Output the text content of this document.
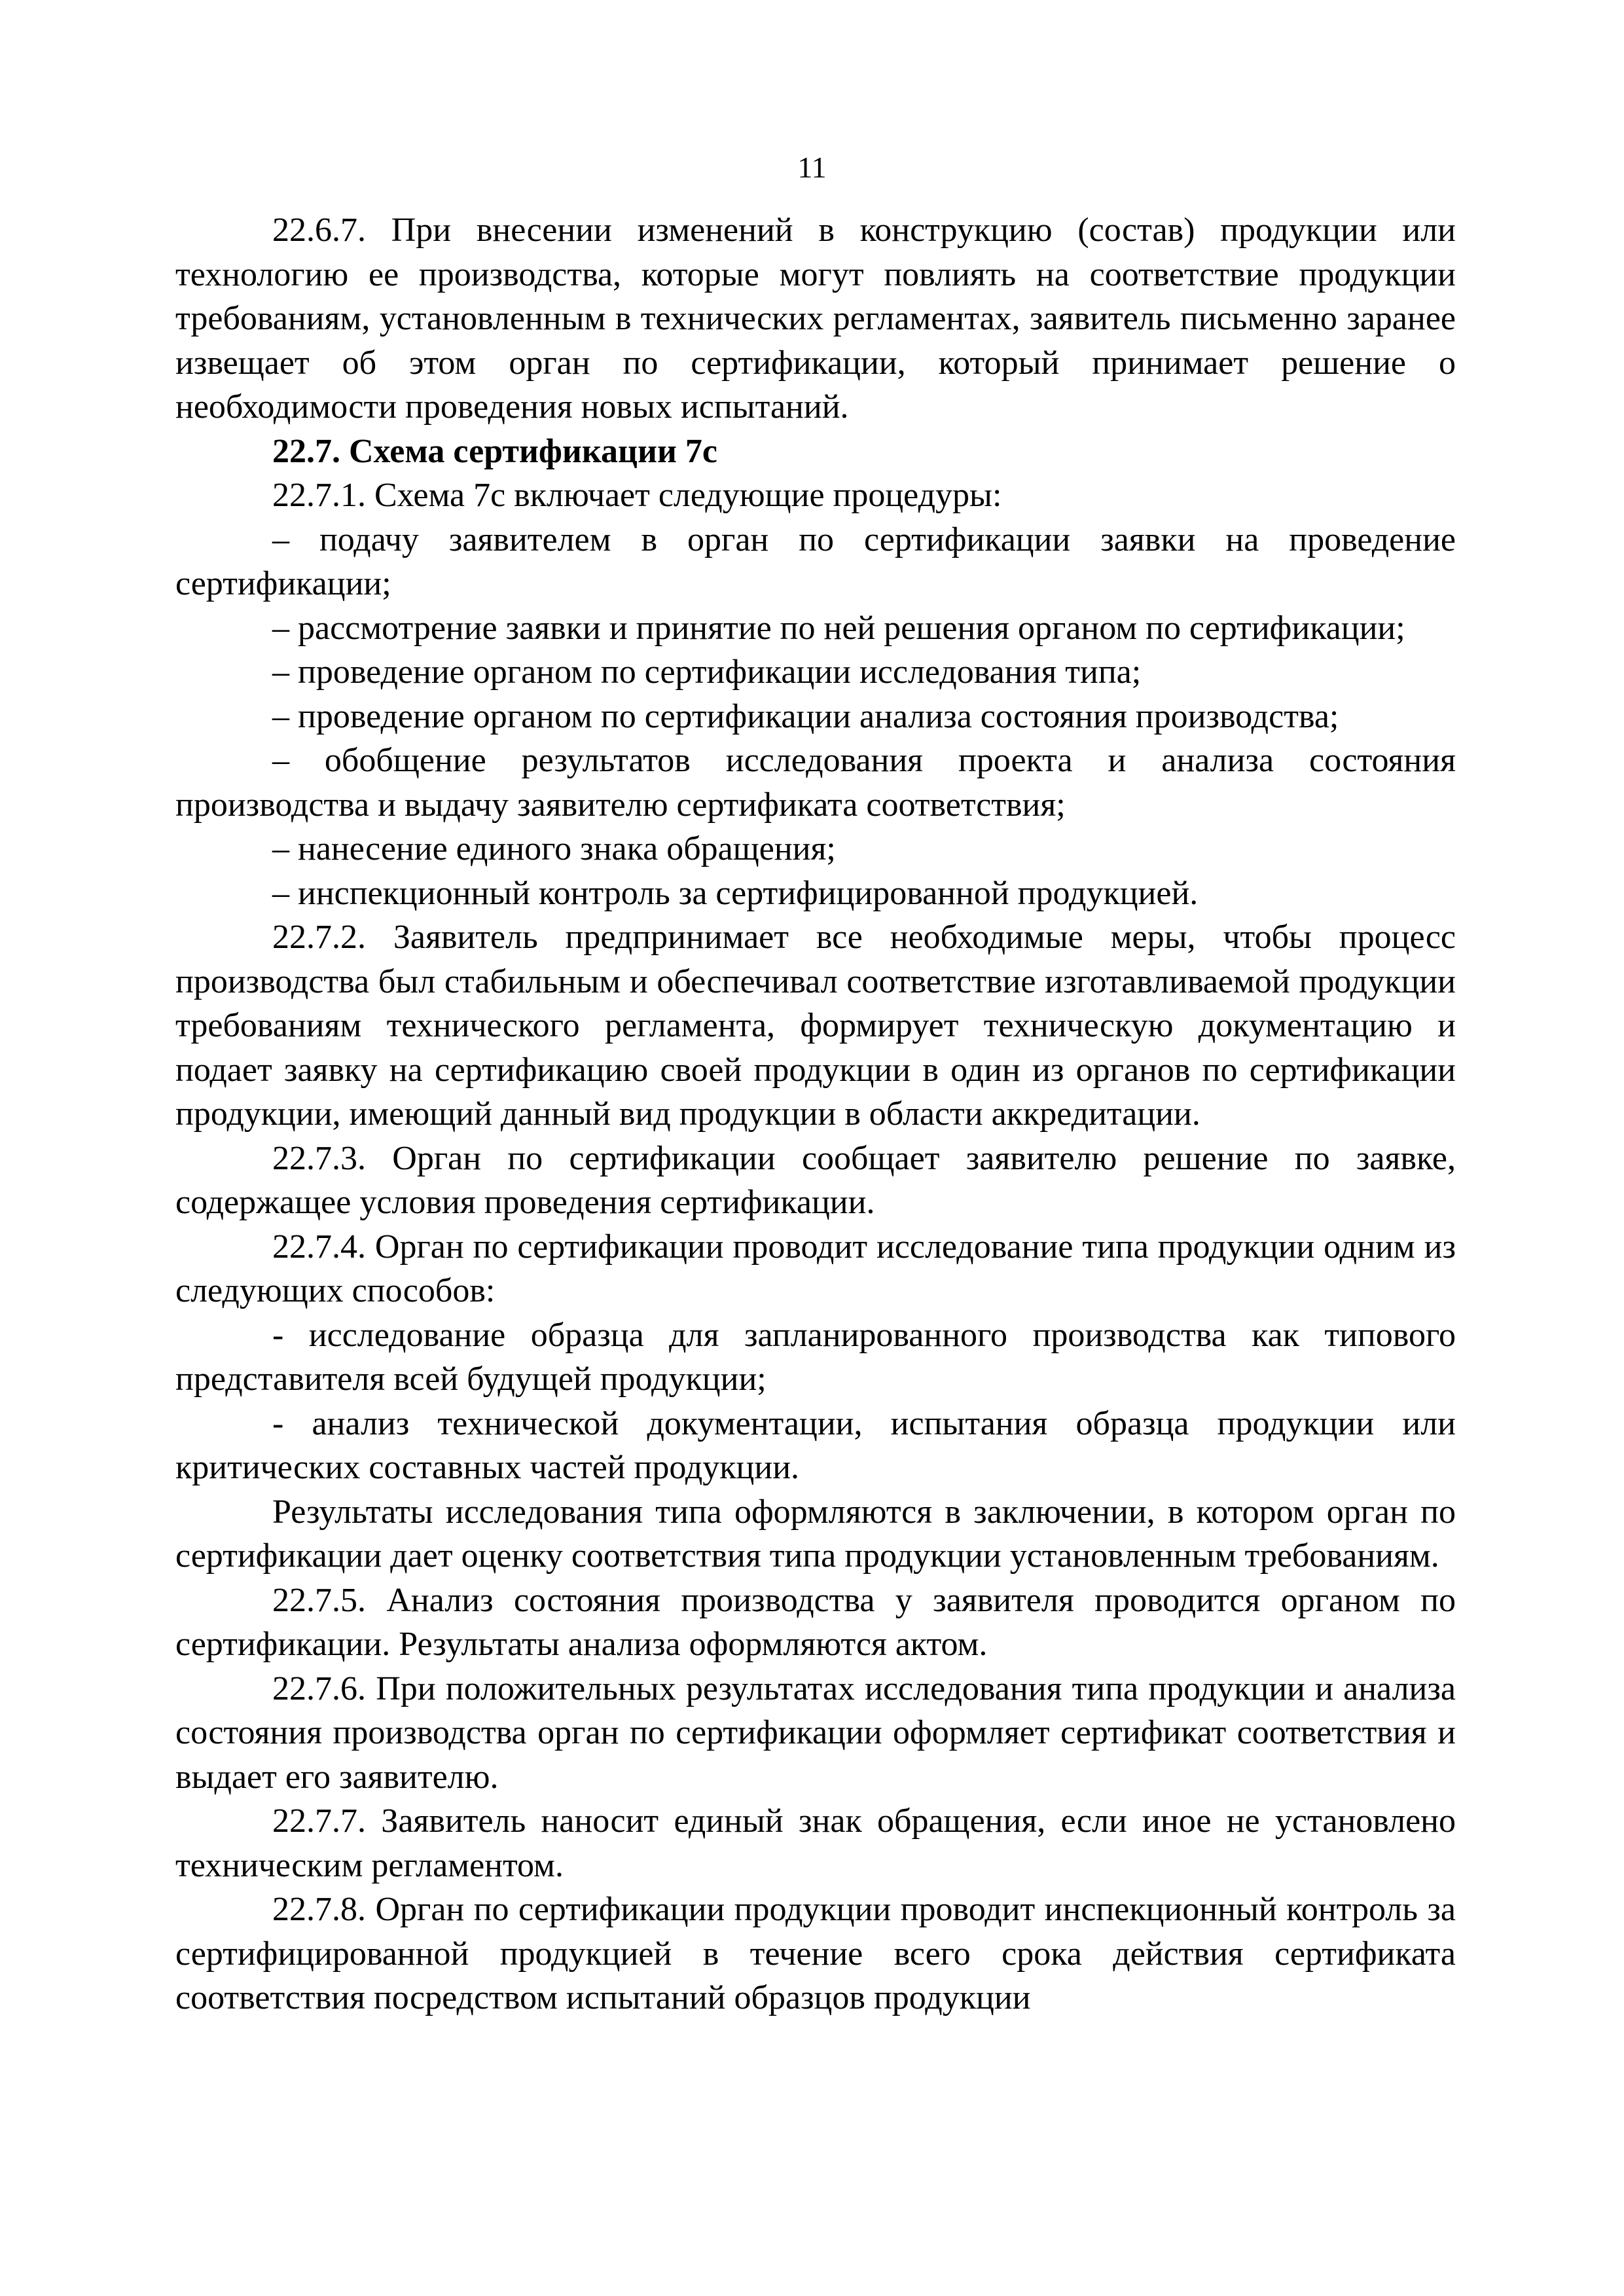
11

22.6.7. При внесении изменений в конструкцию (состав) продукции или технологию ее производства, которые могут повлиять на соответствие продукции требованиям, установленным в технических регламентах, заявитель письменно заранее извещает об этом орган по сертификации, который принимает решение о необходимости проведения новых испытаний.

22.7. Схема сертификации 7с

22.7.1. Схема 7с включает следующие процедуры:

– подачу заявителем в орган по сертификации заявки на проведение сертификации;

– рассмотрение заявки и принятие по ней решения органом по сертификации;

– проведение органом по сертификации исследования типа;

– проведение органом по сертификации анализа состояния производства;

– обобщение результатов исследования проекта и анализа состояния производства и выдачу заявителю сертификата соответствия;

– нанесение единого знака обращения;

– инспекционный контроль за сертифицированной продукцией.

22.7.2. Заявитель предпринимает все необходимые меры, чтобы процесс производства был стабильным и обеспечивал соответствие изготавливаемой продукции требованиям технического регламента, формирует техническую документацию и подает заявку на сертификацию своей продукции в один из органов по сертификации продукции, имеющий данный вид продукции в области аккредитации.

22.7.3. Орган по сертификации сообщает заявителю решение по заявке, содержащее условия проведения сертификации.

22.7.4. Орган по сертификации проводит исследование типа продукции одним из следующих способов:

- исследование образца для запланированного производства как типового представителя всей будущей продукции;

- анализ технической документации, испытания образца продукции или критических составных частей продукции.

Результаты исследования типа оформляются в заключении, в котором орган по сертификации дает оценку соответствия типа продукции установленным требованиям.

22.7.5. Анализ состояния производства у заявителя проводится органом по сертификации. Результаты анализа оформляются актом.

22.7.6. При положительных результатах исследования типа продукции и анализа состояния производства орган по сертификации оформляет сертификат соответствия и выдает его заявителю.

22.7.7. Заявитель наносит единый знак обращения, если иное не установлено техническим регламентом.

22.7.8. Орган по сертификации продукции проводит инспекционный контроль за сертифицированной продукцией в течение всего срока действия сертификата соответствия посредством испытаний образцов продукции
